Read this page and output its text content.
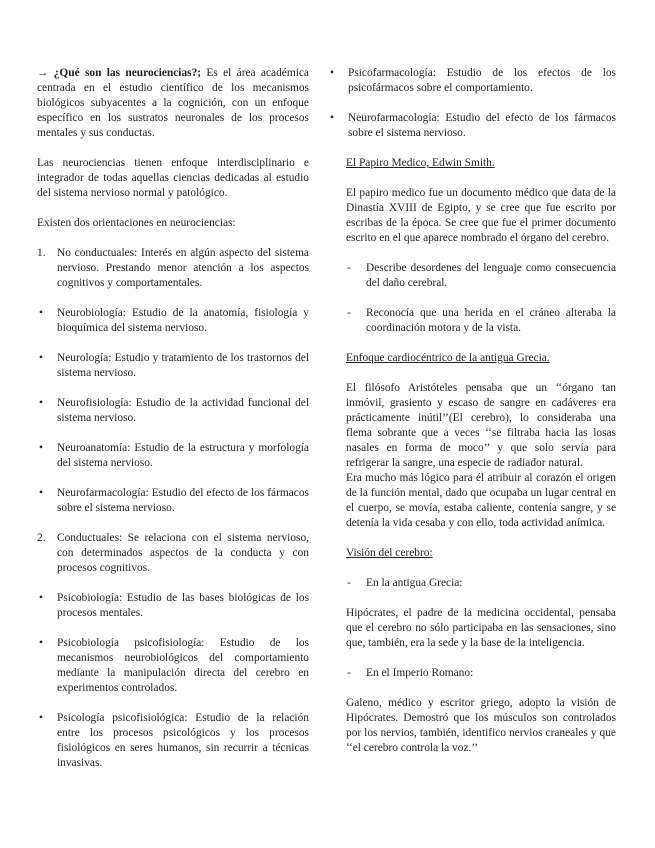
→ ¿Qué son las neurociencias?; Es el área académica centrada en el estudio científico de los mecanismos biológicos subyacentes a la cognición, con un enfoque específico en los sustratos neuronales de los procesos mentales y sus conductas.

Las neurociencias tienen enfoque interdisciplinario e integrador de todas aquellas ciencias dedicadas al estudio del sistema nervioso normal y patológico.

Existen dos orientaciones en neurociencias:

1. No conductuales: Interés en algún aspecto del sistema nervioso. Prestando menor atención a los aspectos cognitivos y comportamentales.
• Neurobiología: Estudio de la anatomía, fisiología y bioquímica del sistema nervioso.
• Neurología: Estudio y tratamiento de los trastornos del sistema nervioso.
• Neurofisiología: Estudio de la actividad funcional del sistema nervioso.
• Neuroanatomía: Estudio de la estructura y morfología del sistema nervioso.
• Neurofarmacología: Estudio del efecto de los fármacos sobre el sistema nervioso.
2. Conductuales: Se relaciona con el sistema nervioso, con determinados aspectos de la conducta y con procesos cognitivos.
• Psicobiología: Estudio de las bases biológicas de los procesos mentales.
• Psicobiología psicofisiología: Estudio de los mecanismos neurobiológicos del comportamiento mediante la manipulación directa del cerebro en experimentos controlados.
• Psicología psicofisiológica: Estudio de la relación entre los procesos psicológicos y los procesos fisiológicos en seres humanos, sin recurrir a técnicas invasivas.
• Psicofarmacología: Estudio de los efectos de los psicofármacos sobre el comportamiento.
• Neurofarmacología: Estudio del efecto de los fármacos sobre el sistema nervioso.

El Papiro Medico, Edwin Smith.

El papiro medico fue un documento médico que data de la Dinastía XVIII de Egipto, y se cree que fue escrito por escribas de la época. Se cree que fue el primer documento escrito en el que aparece nombrado el órgano del cerebro.

- Describe desordenes del lenguaje como consecuencia del daño cerebral.
- Reconocía que una herida en el cráneo alteraba la coordinación motora y de la vista.

Enfoque cardiocéntrico de la antigua Grecia.

El filósofo Aristóteles pensaba que un ‘‘órgano tan inmóvil, grasiento y escaso de sangre en cadáveres era prácticamente inútil’’(El cerebro), lo consideraba una flema sobrante que a veces ‘‘se filtraba hacia las losas nasales en forma de moco’’ y que solo servía para refrigerar la sangre, una especie de radiador natural.

Era mucho más lógico para él atribuir al corazón el origen de la función mental, dado que ocupaba un lugar central en el cuerpo, se movía, estaba caliente, contenía sangre, y se detenía la vida cesaba y con ello, toda actividad anímica.

Visión del cerebro:

- En la antigua Grecia:

Hipócrates, el padre de la medicina occidental, pensaba que el cerebro no sólo participaba en las sensaciones, sino que, también, era la sede y la base de la inteligencia.

- En el Imperio Romano:

Galeno, médico y escritor griego, adopto la visión de Hipócrates. Demostró que los músculos son controlados por los nervios, también, identifico nervios craneales y que ‘‘el cerebro controla la voz.’’
